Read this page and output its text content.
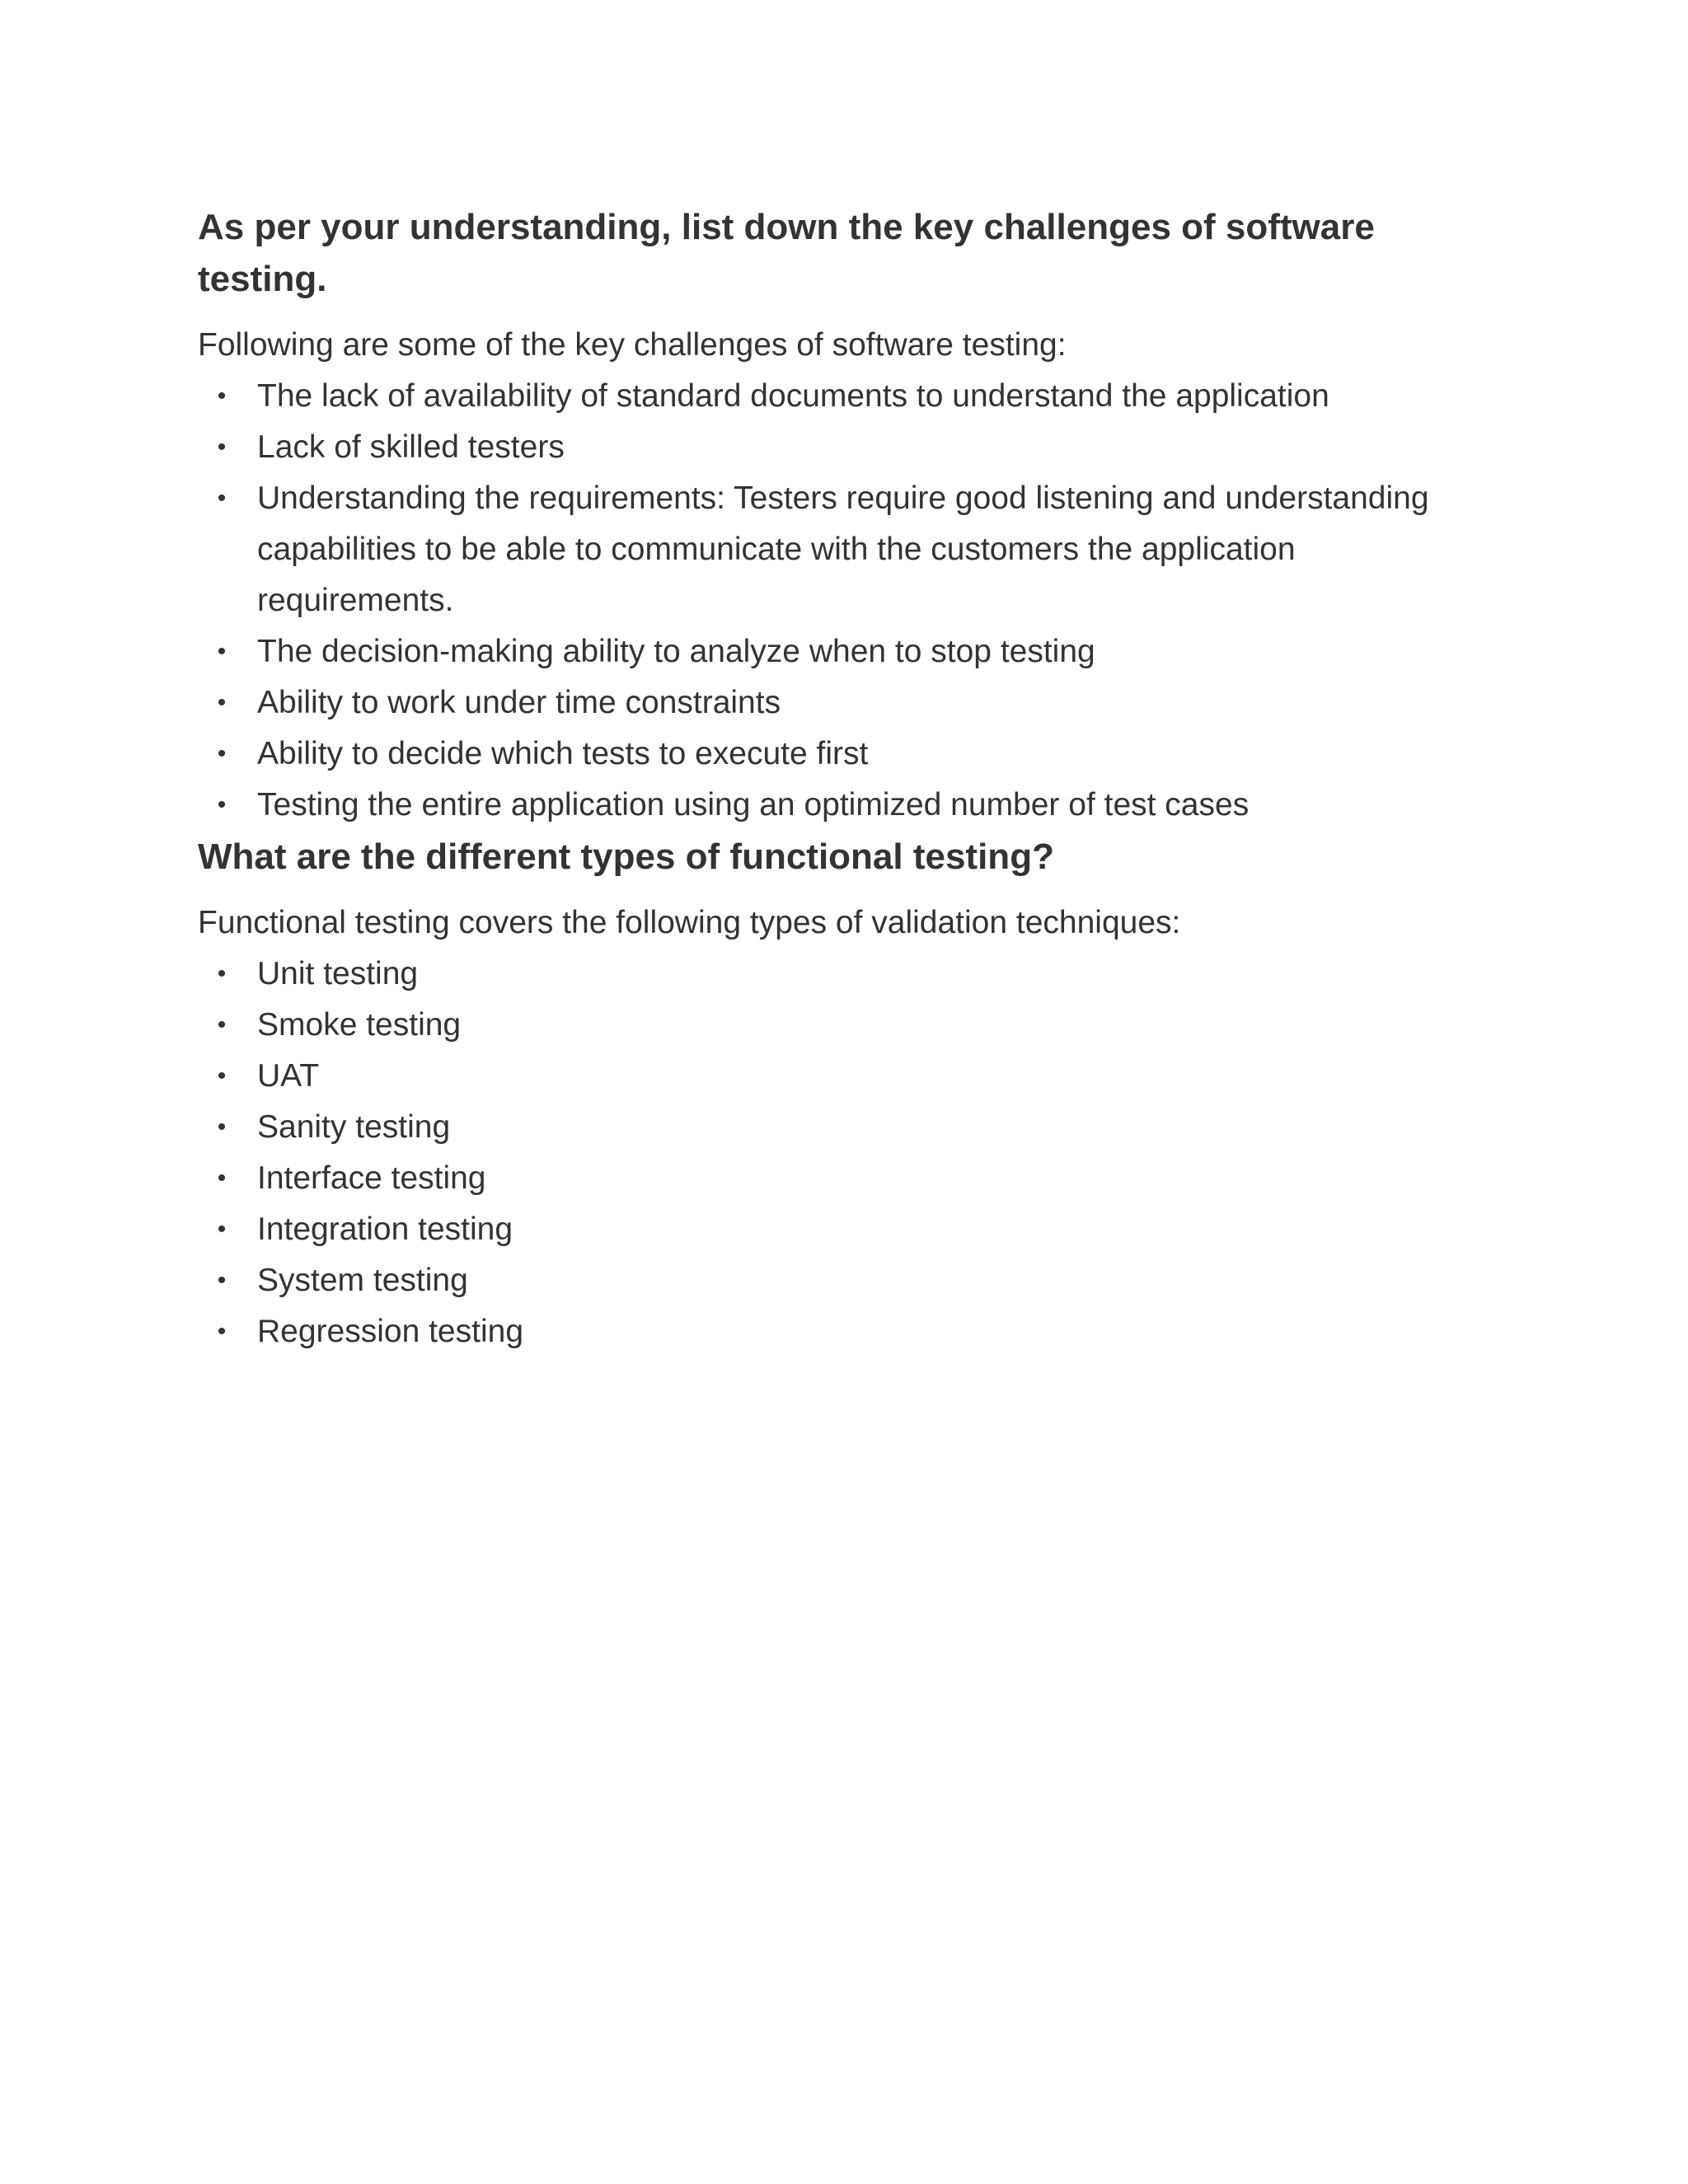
As per your understanding, list down the key challenges of software testing.

Following are some of the key challenges of software testing:

• The lack of availability of standard documents to understand the application
• Lack of skilled testers
• Understanding the requirements: Testers require good listening and understanding capabilities to be able to communicate with the customers the application requirements.
• The decision-making ability to analyze when to stop testing
• Ability to work under time constraints
• Ability to decide which tests to execute first
• Testing the entire application using an optimized number of test cases
What are the different types of functional testing?

Functional testing covers the following types of validation techniques:

• Unit testing
• Smoke testing
• UAT
• Sanity testing
• Interface testing
• Integration testing
• System testing
• Regression testing
